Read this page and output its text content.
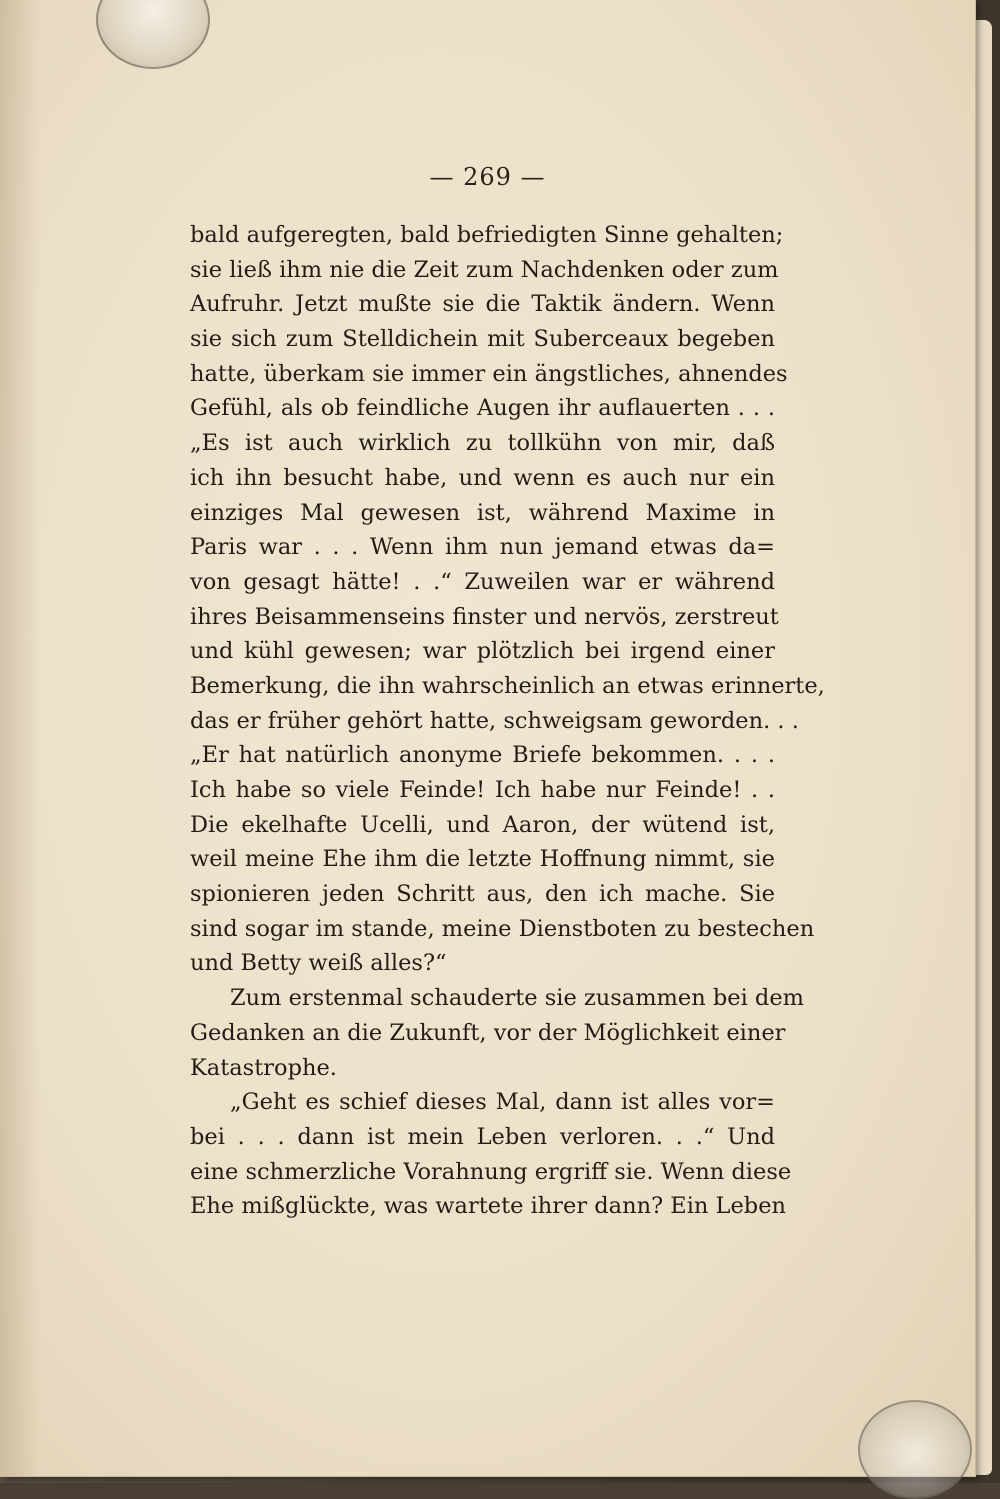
— 269 —
bald aufgeregten, bald befriedigten Sinne gehalten;
sie ließ ihm nie die Zeit zum Nachdenken oder zum
Aufruhr. Jetzt mußte sie die Taktik ändern. Wenn
sie sich zum Stelldichein mit Suberceaux begeben
hatte, überkam sie immer ein ängstliches, ahnendes
Gefühl, als ob feindliche Augen ihr auflauerten . . .
„Es ist auch wirklich zu tollkühn von mir, daß
ich ihn besucht habe, und wenn es auch nur ein
einziges Mal gewesen ist, während Maxime in
Paris war . . . Wenn ihm nun jemand etwas da=
von gesagt hätte! . .“ Zuweilen war er während
ihres Beisammenseins finster und nervös, zerstreut
und kühl gewesen; war plötzlich bei irgend einer
Bemerkung, die ihn wahrscheinlich an etwas erinnerte,
das er früher gehört hatte, schweigsam geworden. . .
„Er hat natürlich anonyme Briefe bekommen. . . .
Ich habe so viele Feinde! Ich habe nur Feinde! . .
Die ekelhafte Ucelli, und Aaron, der wütend ist,
weil meine Ehe ihm die letzte Hoffnung nimmt, sie
spionieren jeden Schritt aus, den ich mache. Sie
sind sogar im stande, meine Dienstboten zu bestechen
und Betty weiß alles?“
Zum erstenmal schauderte sie zusammen bei dem
Gedanken an die Zukunft, vor der Möglichkeit einer
Katastrophe.
„Geht es schief dieses Mal, dann ist alles vor=
bei . . . dann ist mein Leben verloren. . .“ Und
eine schmerzliche Vorahnung ergriff sie. Wenn diese
Ehe mißglückte, was wartete ihrer dann? Ein Leben
